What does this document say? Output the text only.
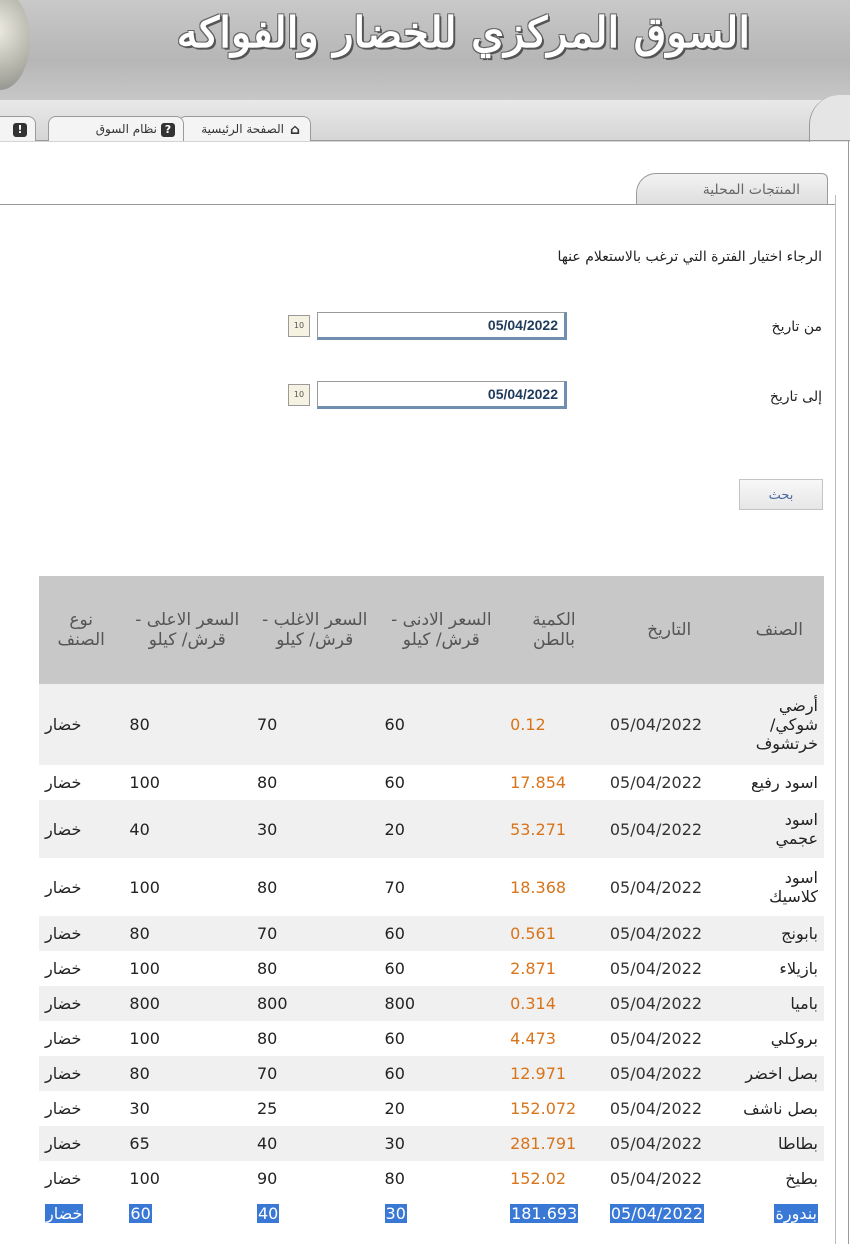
السوق المركزي للخضار والفواكه
⌂الصفحة الرئيسية
?نظام السوق
!
المنتجات المحلية
الرجاء اختيار الفترة التي ترغب بالاستعلام عنها
من تاريخ
05/04/2022
10
إلى تاريخ
05/04/2022
10
بحث
الصنف	التاريخ	الكمية بالطن	السعر الادنى - قرش/ كيلو	السعر الاغلب - قرش/ كيلو	السعر الاعلى - قرش/ كيلو	نوع الصنف
أرضي شوكي/ خرتشوف	05/04/2022	0.12	60	70	80	خضار
اسود رفيع	05/04/2022	17.854	60	80	100	خضار
اسود عجمي	05/04/2022	53.271	20	30	40	خضار
اسود كلاسيك	05/04/2022	18.368	70	80	100	خضار
بابونج	05/04/2022	0.561	60	70	80	خضار
بازيلاء	05/04/2022	2.871	60	80	100	خضار
باميا	05/04/2022	0.314	800	800	800	خضار
بروكلي	05/04/2022	4.473	60	80	100	خضار
بصل اخضر	05/04/2022	12.971	60	70	80	خضار
بصل ناشف	05/04/2022	152.072	20	25	30	خضار
بطاطا	05/04/2022	281.791	30	40	65	خضار
بطيخ	05/04/2022	152.02	80	90	100	خضار
بندورة	05/04/2022	181.693	30	40	60	خضار
